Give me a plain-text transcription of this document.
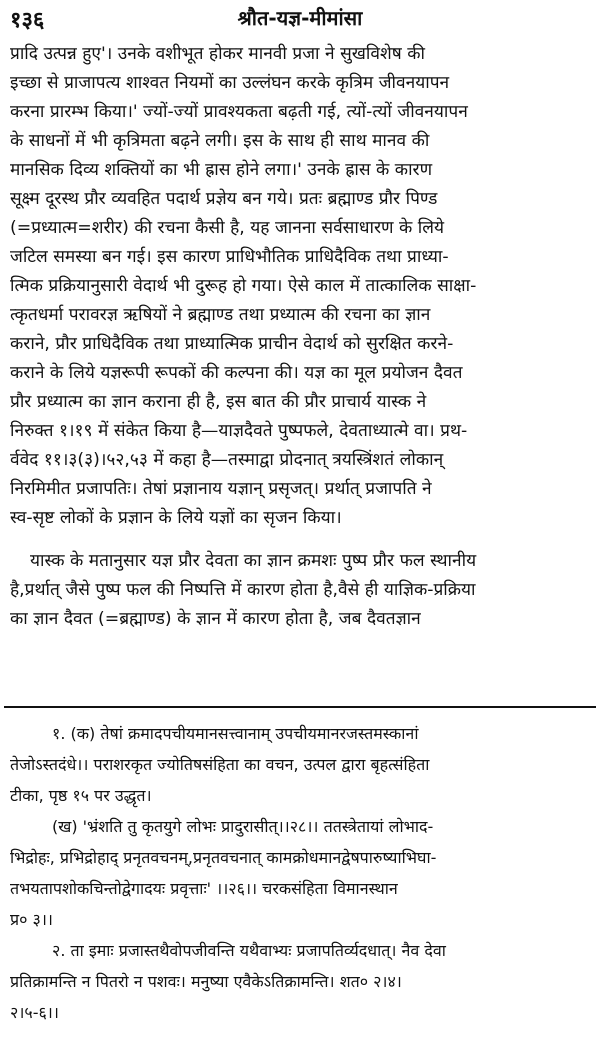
१३६	श्रौत-यज्ञ-मीमांसा
प्रादि उत्पन्न हुए'। उनके वशीभूत होकर मानवी प्रजा ने सुखविशेष की
इच्छा से प्राजापत्य शाश्वत नियमों का उल्लंघन करके कृत्रिम जीवनयापन
करना प्रारम्भ किया।' ज्यों-ज्यों प्रावश्यकता बढ़ती गई, त्यों-त्यों जीवनयापन
के साधनों में भी कृत्रिमता बढ़ने लगी। इस के साथ ही साथ मानव की
मानसिक दिव्य शक्तियों का भी ह्रास होने लगा।' उनके ह्रास के कारण
सूक्ष्म दूरस्थ प्रौर व्यवहित पदार्थ प्रज्ञेय बन गये। प्रतः ब्रह्माण्ड प्रौर पिण्ड
(=प्रध्यात्म=शरीर) की रचना कैसी है, यह जानना सर्वसाधारण के लिये
जटिल समस्या बन गई। इस कारण प्राधिभौतिक प्राधिदैविक तथा प्राध्या-
त्मिक प्रक्रियानुसारी वेदार्थ भी दुरूह हो गया। ऐसे काल में तात्कालिक साक्षा-
त्कृतधर्मा परावरज्ञ ऋषियों ने ब्रह्माण्ड तथा प्रध्यात्म की रचना का ज्ञान
कराने, प्रौर प्राधिदैविक तथा प्राध्यात्मिक प्राचीन वेदार्थ को सुरक्षित करने-
कराने के लिये यज्ञरूपी रूपकों की कल्पना की। यज्ञ का मूल प्रयोजन दैवत
प्रौर प्रध्यात्म का ज्ञान कराना ही है, इस बात की प्रौर प्राचार्य यास्क ने
निरुक्त १।१९ में संकेत किया है—याज्ञदैवते पुष्पफले, देवताध्यात्मे वा। प्रथ-
र्ववेद ११।३(३)।५२,५३ में कहा है—तस्माद्वा प्रोदनात् त्रयस्त्रिंशतं लोकान्
निरमिमीत प्रजापतिः। तेषां प्रज्ञानाय यज्ञान् प्रसृजत्। प्रर्थात् प्रजापति ने
स्व-सृष्ट लोकों के प्रज्ञान के लिये यज्ञों का सृजन किया।
यास्क के मतानुसार यज्ञ प्रौर देवता का ज्ञान क्रमशः पुष्प प्रौर फल स्थानीय
है,प्रर्थात् जैसे पुष्प फल की निष्पत्ति में कारण होता है,वैसे ही याज्ञिक-प्रक्रिया
का ज्ञान दैवत (=ब्रह्माण्ड) के ज्ञान में कारण होता है, जब दैवतज्ञान
१. (क) तेषां क्रमादपचीयमानसत्त्वानाम् उपचीयमानरजस्तमस्कानां
तेजोऽस्तदंधे।। पराशरकृत ज्योतिषसंहिता का वचन, उत्पल द्वारा बृहत्संहिता
टीका, पृष्ठ १५ पर उद्धृत।
(ख) 'भ्रंशति तु कृतयुगे लोभः प्रादुरासीत्।।२८।। ततस्त्रेतायां लोभाद-
भिद्रोहः, प्रभिद्रोहाद् प्रनृतवचनम्,प्रनृतवचनात् कामक्रोधमानद्वेषपारुष्याभिघा-
तभयतापशोकचिन्तोद्वेगादयः प्रवृत्ताः' ।।२६।। चरकसंहिता विमानस्थान
प्र० ३।।
२. ता इमाः प्रजास्तथैवोपजीवन्ति यथैवाभ्यः प्रजापतिर्व्यदधात्। नैव देवा
प्रतिक्रामन्ति न पितरो न पशवः। मनुष्या एवैकेऽतिक्रामन्ति। शत० २।४।
२।५-६।।
